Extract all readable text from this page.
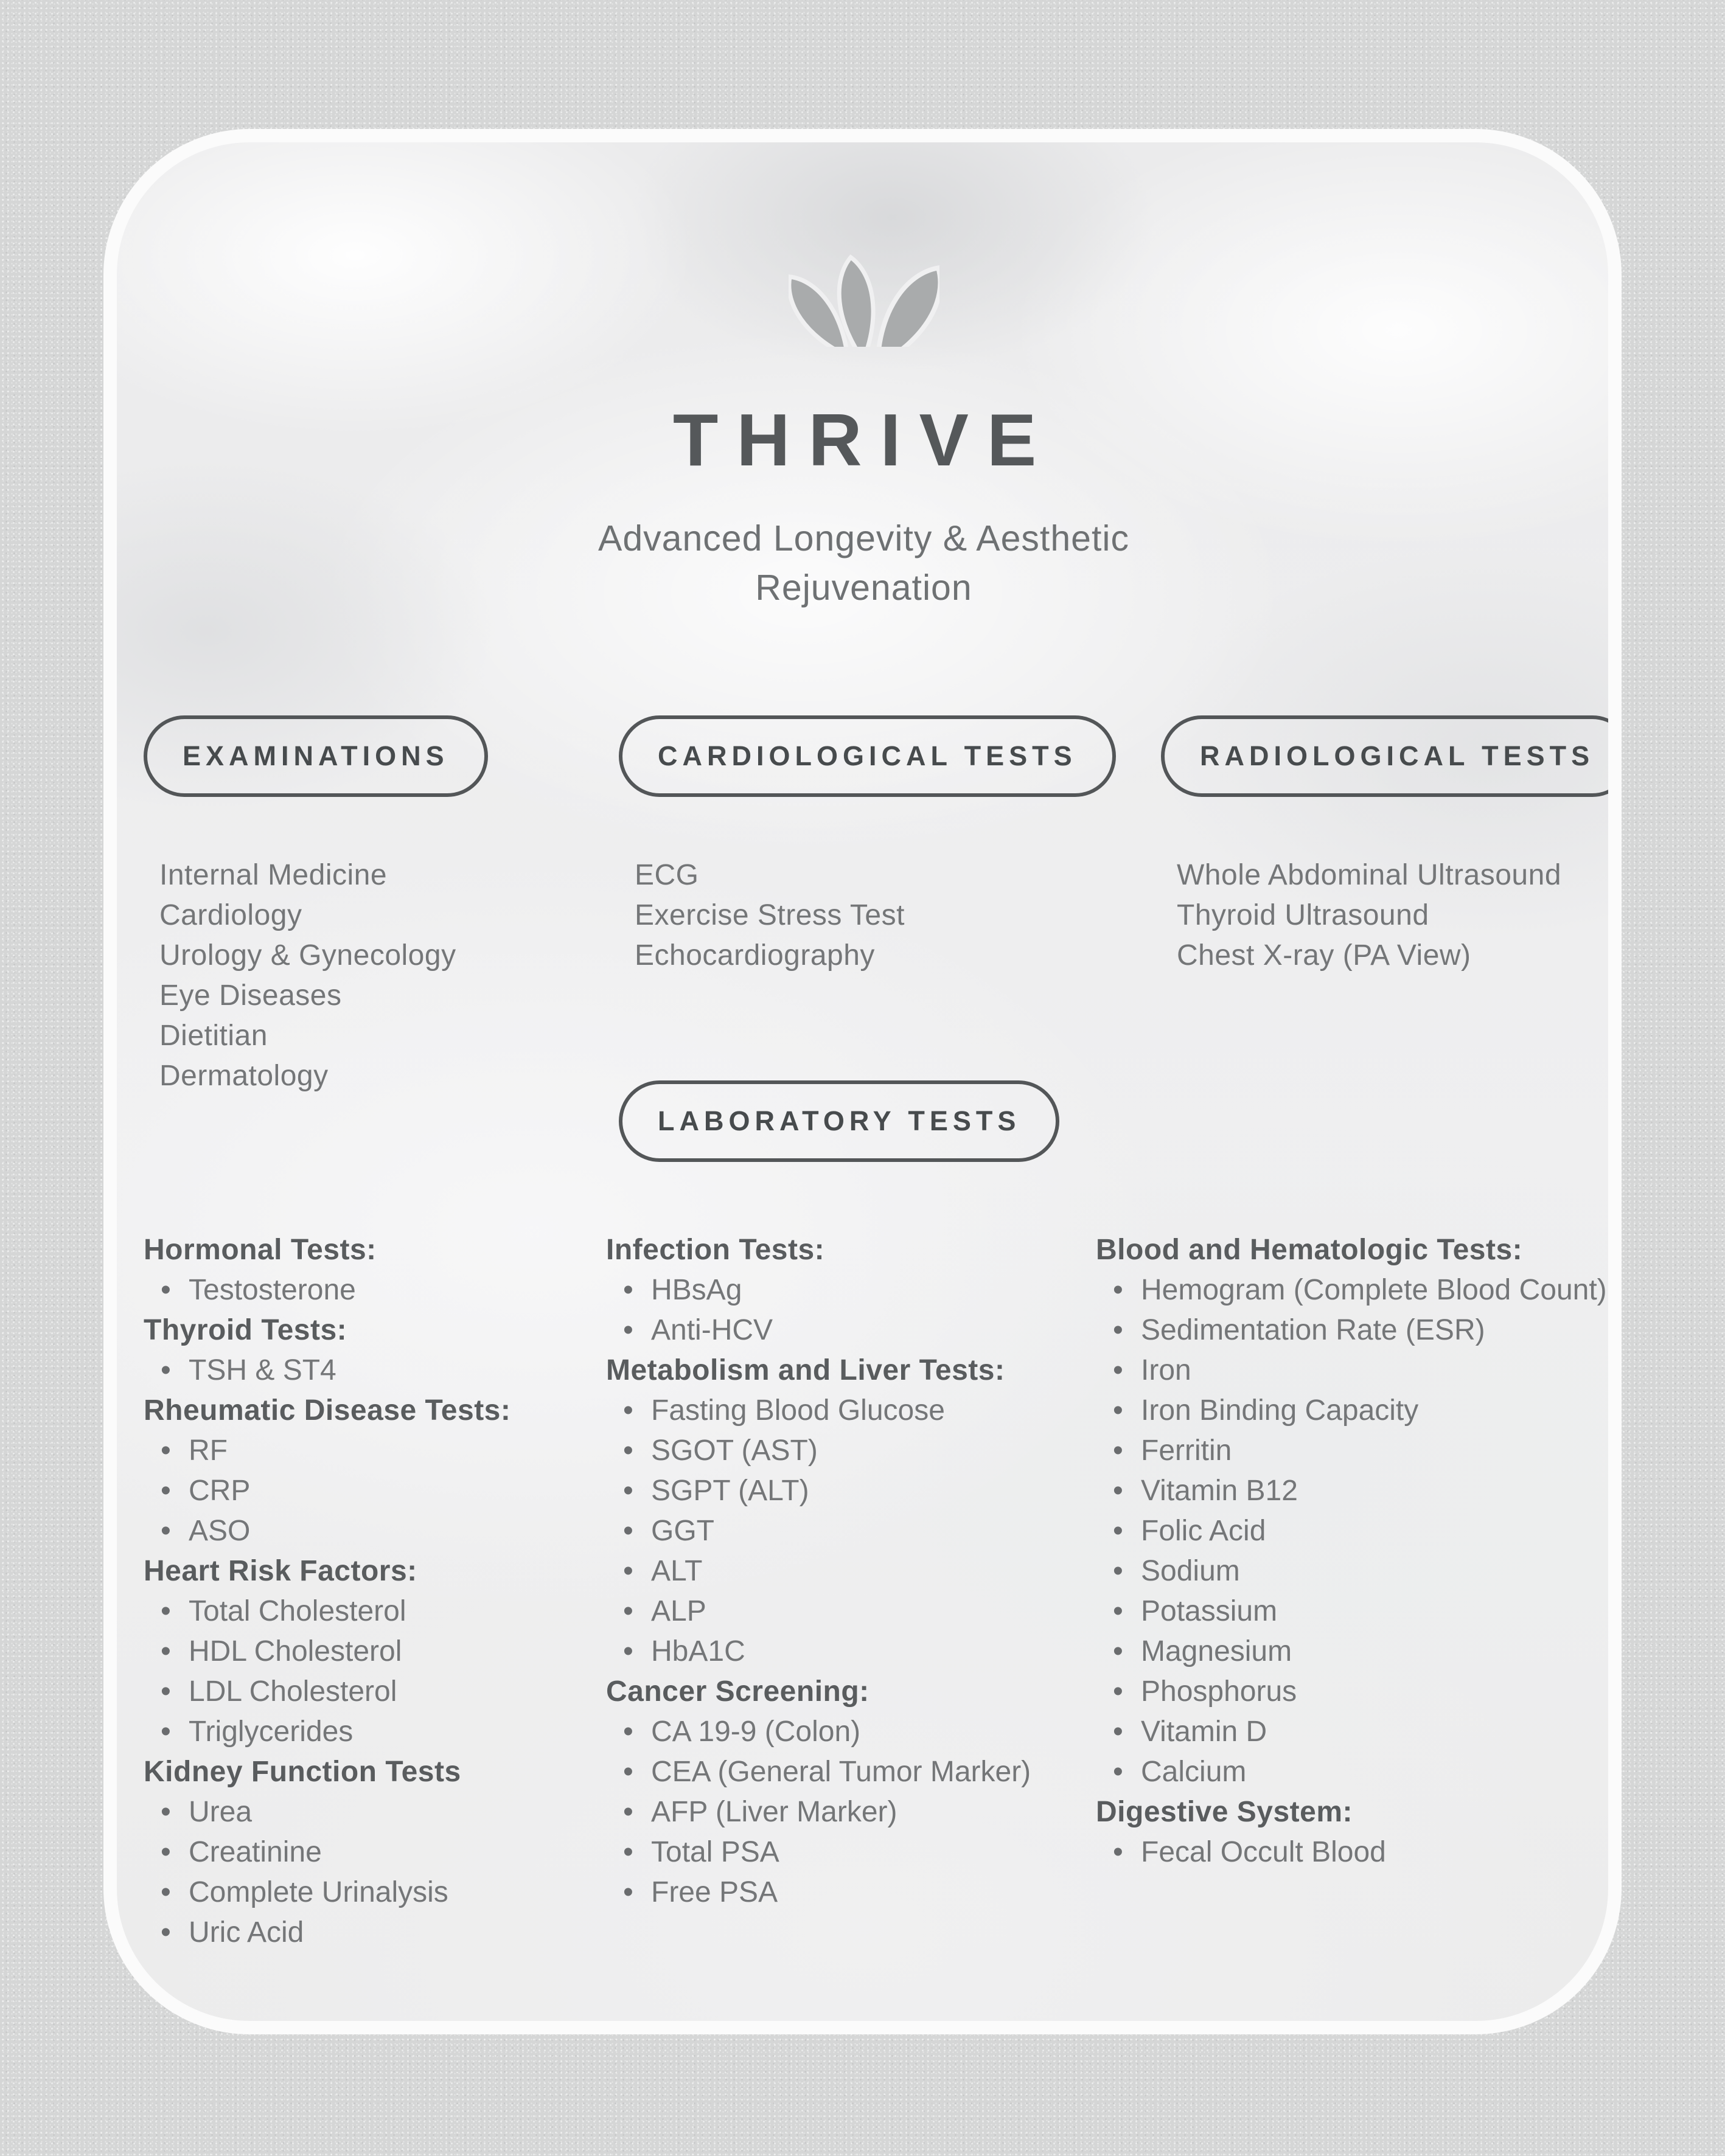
THRIVE
Advanced Longevity & Aesthetic
Rejuvenation
EXAMINATIONS	CARDIOLOGICAL TESTS	RADIOLOGICAL TESTS
Internal Medicine
Cardiology
Urology & Gynecology
Eye Diseases
Dietitian
Dermatology
ECG
Exercise Stress Test
Echocardiography
Whole Abdominal Ultrasound
Thyroid Ultrasound
Chest X-ray (PA View)
LABORATORY TESTS
Hormonal Tests:
• Testosterone
Thyroid Tests:
• TSH & ST4
Rheumatic Disease Tests:
• RF
• CRP
• ASO
Heart Risk Factors:
• Total Cholesterol
• HDL Cholesterol
• LDL Cholesterol
• Triglycerides
Kidney Function Tests
• Urea
• Creatinine
• Complete Urinalysis
• Uric Acid
Infection Tests:
• HBsAg
• Anti-HCV
Metabolism and Liver Tests:
• Fasting Blood Glucose
• SGOT (AST)
• SGPT (ALT)
• GGT
• ALT
• ALP
• HbA1C
Cancer Screening:
• CA 19-9 (Colon)
• CEA (General Tumor Marker)
• AFP (Liver Marker)
• Total PSA
• Free PSA
Blood and Hematologic Tests:
• Hemogram (Complete Blood Count)
• Sedimentation Rate (ESR)
• Iron
• Iron Binding Capacity
• Ferritin
• Vitamin B12
• Folic Acid
• Sodium
• Potassium
• Magnesium
• Phosphorus
• Vitamin D
• Calcium
Digestive System:
• Fecal Occult Blood
